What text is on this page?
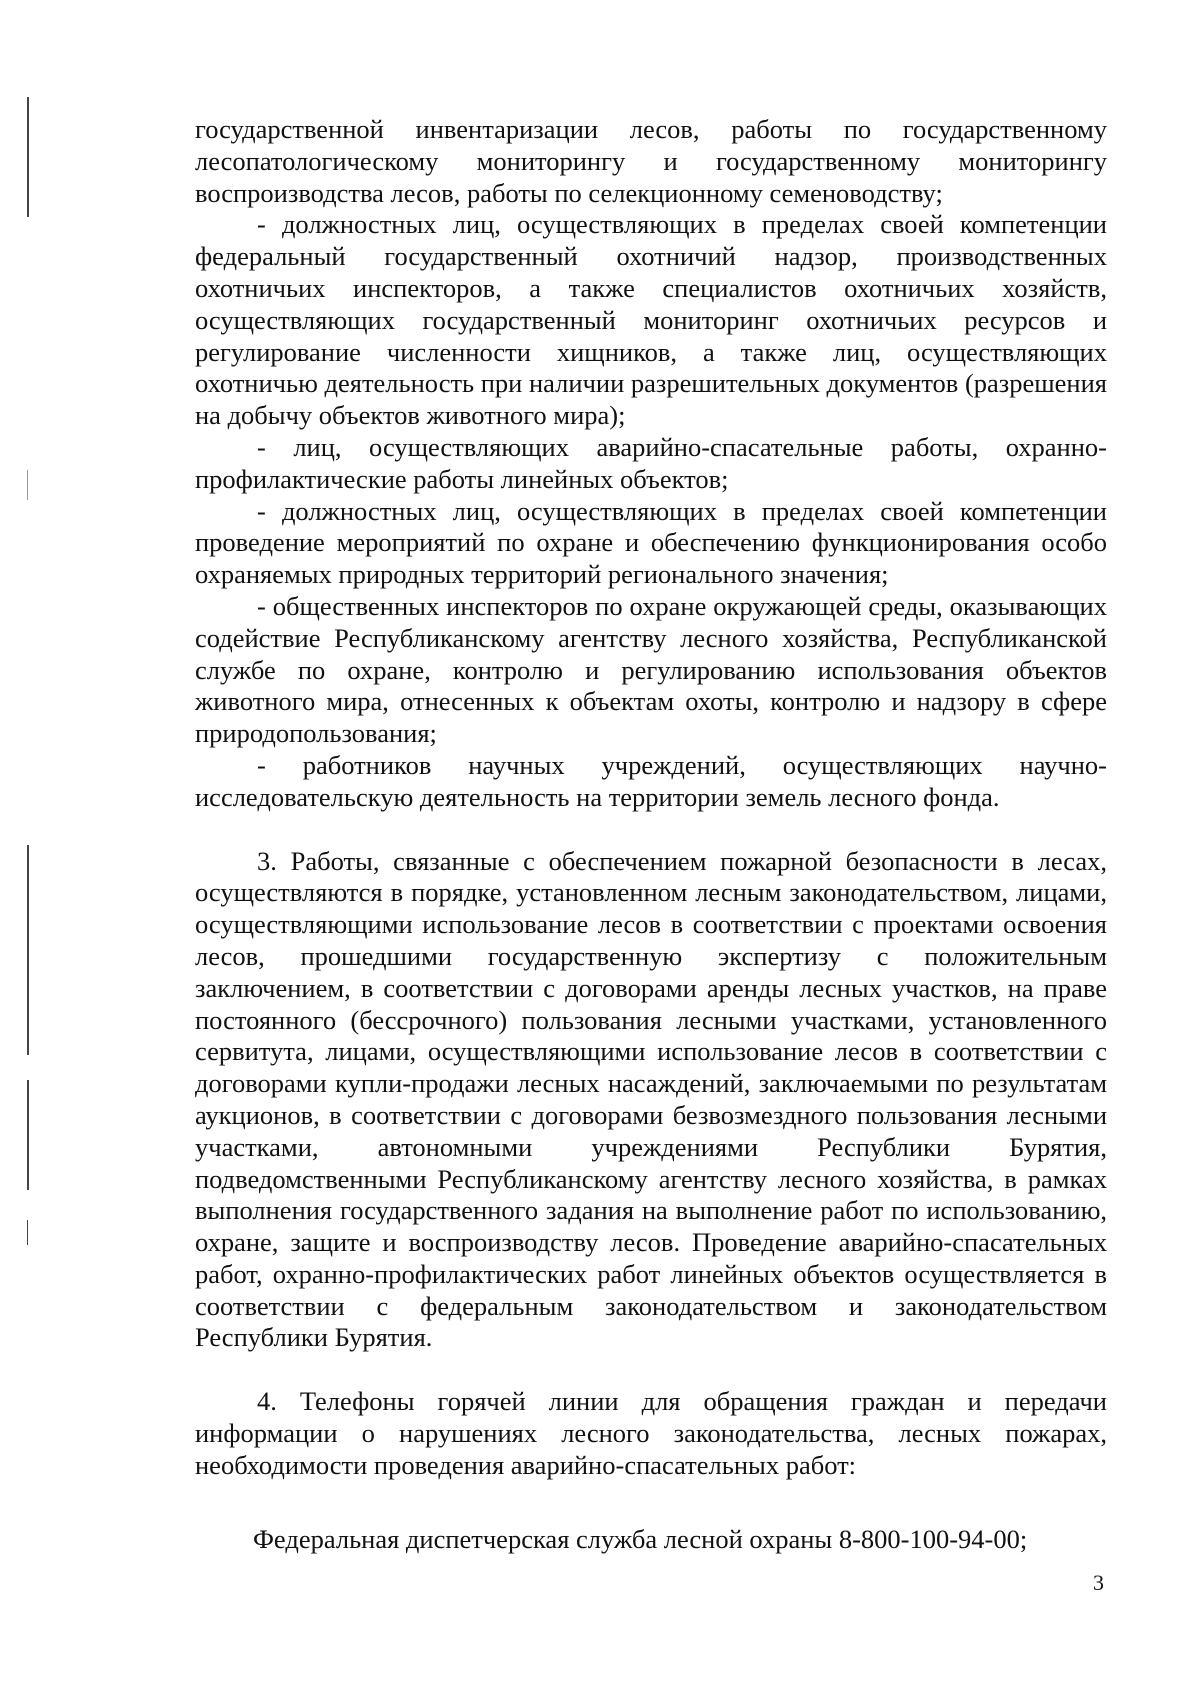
государственной инвентаризации лесов, работы по государственному лесопатологическому мониторингу и государственному мониторингу воспроизводства лесов, работы по селекционному семеноводству;

- должностных лиц, осуществляющих в пределах своей компетенции федеральный государственный охотничий надзор, производственных охотничьих инспекторов, а также специалистов охотничьих хозяйств, осуществляющих государственный мониторинг охотничьих ресурсов и регулирование численности хищников, а также лиц, осуществляющих охотничью деятельность при наличии разрешительных документов (разрешения на добычу объектов животного мира);

- лиц, осуществляющих аварийно-спасательные работы, охранно-профилактические работы линейных объектов;

- должностных лиц, осуществляющих в пределах своей компетенции проведение мероприятий по охране и обеспечению функционирования особо охраняемых природных территорий регионального значения;

- общественных инспекторов по охране окружающей среды, оказывающих содействие Республиканскому агентству лесного хозяйства, Республиканской службе по охране, контролю и регулированию использования объектов животного мира, отнесенных к объектам охоты, контролю и надзору в сфере природопользования;

- работников научных учреждений, осуществляющих научно-исследовательскую деятельность на территории земель лесного фонда.

3. Работы, связанные с обеспечением пожарной безопасности в лесах, осуществляются в порядке, установленном лесным законодательством, лицами, осуществляющими использование лесов в соответствии с проектами освоения лесов, прошедшими государственную экспертизу с положительным заключением, в соответствии с договорами аренды лесных участков, на праве постоянного (бессрочного) пользования лесными участками, установленного сервитута, лицами, осуществляющими использование лесов в соответствии с договорами купли-продажи лесных насаждений, заключаемыми по результатам аукционов, в соответствии с договорами безвозмездного пользования лесными участками, автономными учреждениями Республики Бурятия, подведомственными Республиканскому агентству лесного хозяйства, в рамках выполнения государственного задания на выполнение работ по использованию, охране, защите и воспроизводству лесов. Проведение аварийно-спасательных работ, охранно-профилактических работ линейных объектов осуществляется в соответствии с федеральным законодательством и законодательством Республики Бурятия.

4. Телефоны горячей линии для обращения граждан и передачи информации о нарушениях лесного законодательства, лесных пожарах, необходимости проведения аварийно-спасательных работ:

Федеральная диспетчерская служба лесной охраны 8-800-100-94-00;

3
